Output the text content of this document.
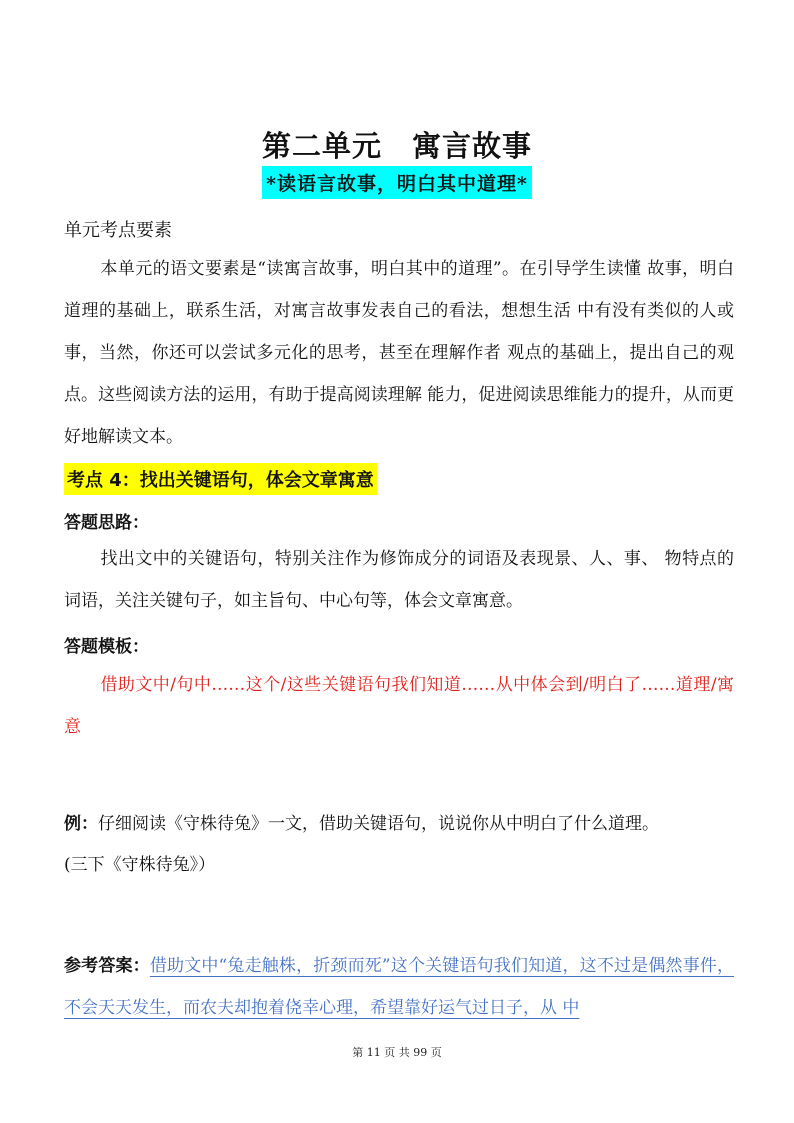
第二单元　寓言故事
*读语言故事，明白其中道理*
单元考点要素
本单元的语文要素是“读寓言故事，明白其中的道理”。在引导学生读懂 故事，明白道理的基础上，联系生活，对寓言故事发表自己的看法，想想生活 中有没有类似的人或事，当然，你还可以尝试多元化的思考，甚至在理解作者 观点的基础上，提出自己的观点。这些阅读方法的运用，有助于提高阅读理解 能力，促进阅读思维能力的提升，从而更好地解读文本。
考点 4：找出关键语句，体会文章寓意
答题思路：
找出文中的关键语句，特别关注作为修饰成分的词语及表现景、人、事、 物特点的词语，关注关键句子，如主旨句、中心句等，体会文章寓意。
答题模板：
借助文中/句中……这个/这些关键语句我们知道……从中体会到/明白了……道理/寓意
例：仔细阅读《守株待兔》一文，借助关键语句，说说你从中明白了什么道理。
(三下《守株待兔》）
参考答案：借助文中“兔走触株，折颈而死”这个关键语句我们知道，这不过是偶然事件，不会天天发生，而农夫却抱着侥幸心理，希望靠好运气过日子，从 中
第 11 页 共 99 页
